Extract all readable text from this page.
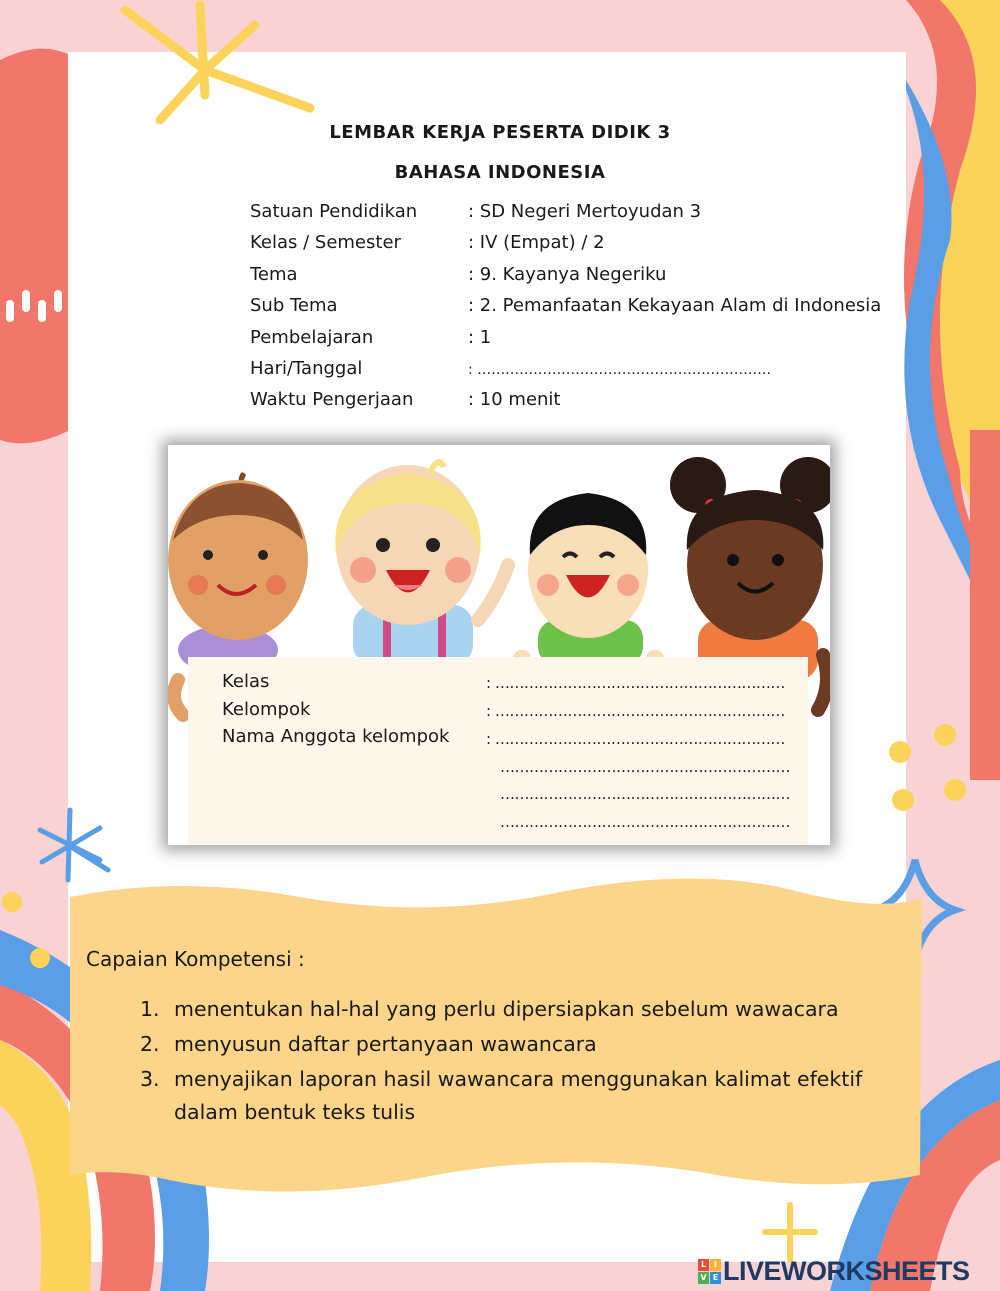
LEMBAR KERJA PESERTA DIDIK 3
BAHASA INDONESIA
Satuan Pendidikan	: SD Negeri Mertoyudan 3
Kelas / Semester	: IV (Empat) / 2
Tema	: 9. Kayanya Negeriku
Sub Tema	: 2. Pemanfaatan Kekayaan Alam di Indonesia
Pembelajaran	: 1
Hari/Tanggal	: ………………………………………………………
Waktu Pengerjaan	: 10 menit
Kelas	: ……………………………………………………
Kelompok	: ……………………………………………………
Nama Anggota kelompok : ……………………………………………………
……………………………………………………
……………………………………………………
……………………………………………………
Capaian Kompetensi :
1. menentukan hal-hal yang perlu dipersiapkan sebelum wawacara
2. menyusun daftar pertanyaan wawancara
3. menyajikan laporan hasil wawancara menggunakan kalimat efektif dalam bentuk teks tulis
L I
V E LIVEWORKSHEETS
